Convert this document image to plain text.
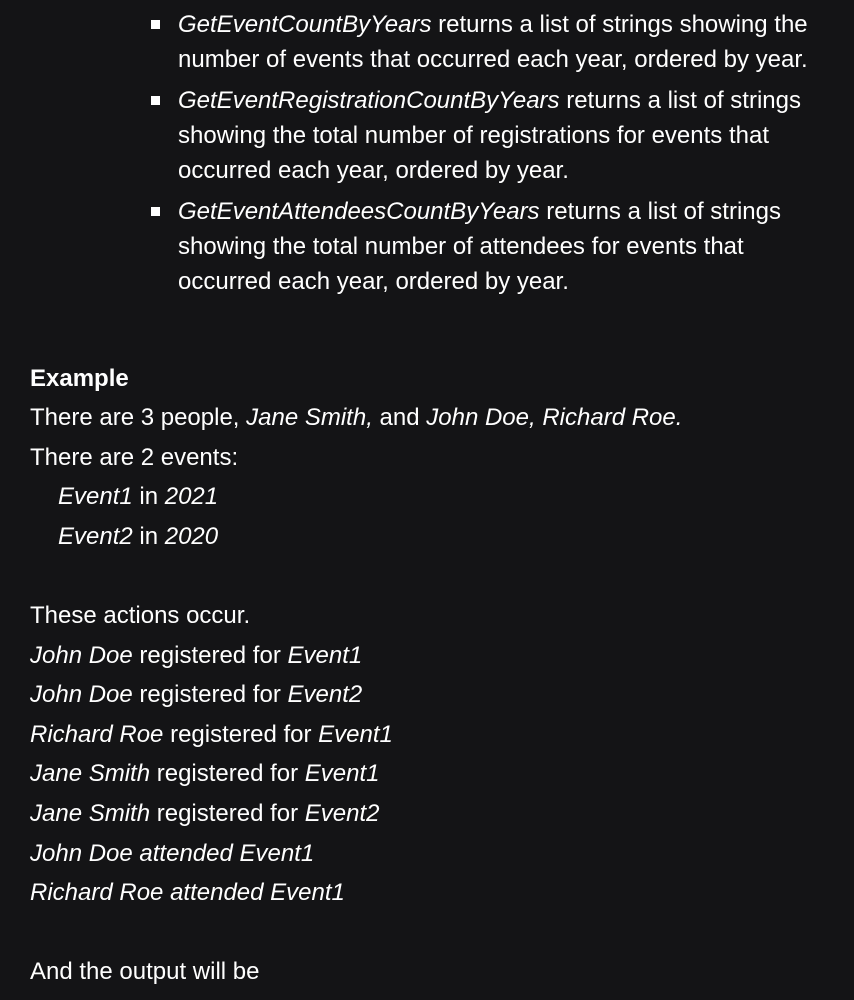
GetEventCountByYears returns a list of strings showing the number of events that occurred each year, ordered by year.
GetEventRegistrationCountByYears returns a list of strings showing the total number of registrations for events that occurred each year, ordered by year.
GetEventAttendeesCountByYears returns a list of strings showing the total number of attendees for events that occurred each year, ordered by year.
Example
There are 3 people, Jane Smith, and John Doe, Richard Roe.
There are 2 events:
Event1 in 2021
Event2 in 2020
These actions occur.
John Doe registered for Event1
John Doe registered for Event2
Richard Roe registered for Event1
Jane Smith registered for Event1
Jane Smith registered for Event2
John Doe attended Event1
Richard Roe attended Event1
And the output will be
